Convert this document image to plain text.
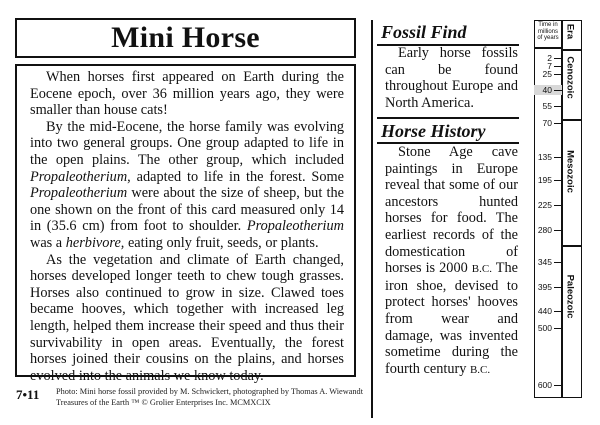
Mini Horse

When horses first appeared on Earth during the Eocene epoch, over 36 million years ago, they were smaller than house cats!

By the mid-Eocene, the horse family was evolving into two general groups. One group adapted to life in the open plains. The other group, which included Propaleotherium, adapted to life in the forest. Some Propaleotherium were about the size of sheep, but the one shown on the front of this card measured only 14 in (35.6 cm) from foot to shoulder. Propaleotherium was a herbivore, eating only fruit, seeds, or plants.

As the vegetation and climate of Earth changed, horses developed longer teeth to chew tough grasses. Horses also continued to grow in size. Clawed toes became hooves, which together with increased leg length, helped them increase their speed and thus their survivability in open areas. Eventually, the forest horses joined their cousins on the plains, and horses evolved into the animals we know today.

7•11 Photo: Mini horse fossil provided by M. Schwickert, photographed by Thomas A. Wiewandt
Treasures of the Earth ™ © Grolier Enterprises Inc. MCMXCIX
Fossil Find

Early horse fossils can be found throughout Europe and North America.

Horse History

Stone Age cave paintings in Europe reveal that some of our ancestors hunted horses for food. The earliest records of the domestication of horses is 2000 B.C. The iron shoe, devised to protect horses' hooves from wear and damage, was invented sometime during the fourth century B.C.

Time in millions of years Era
Cenozoic
Mesozoic
Paleozoic
2
7
25
40
55
70
135
195
225
280
345
395
440
500
600
